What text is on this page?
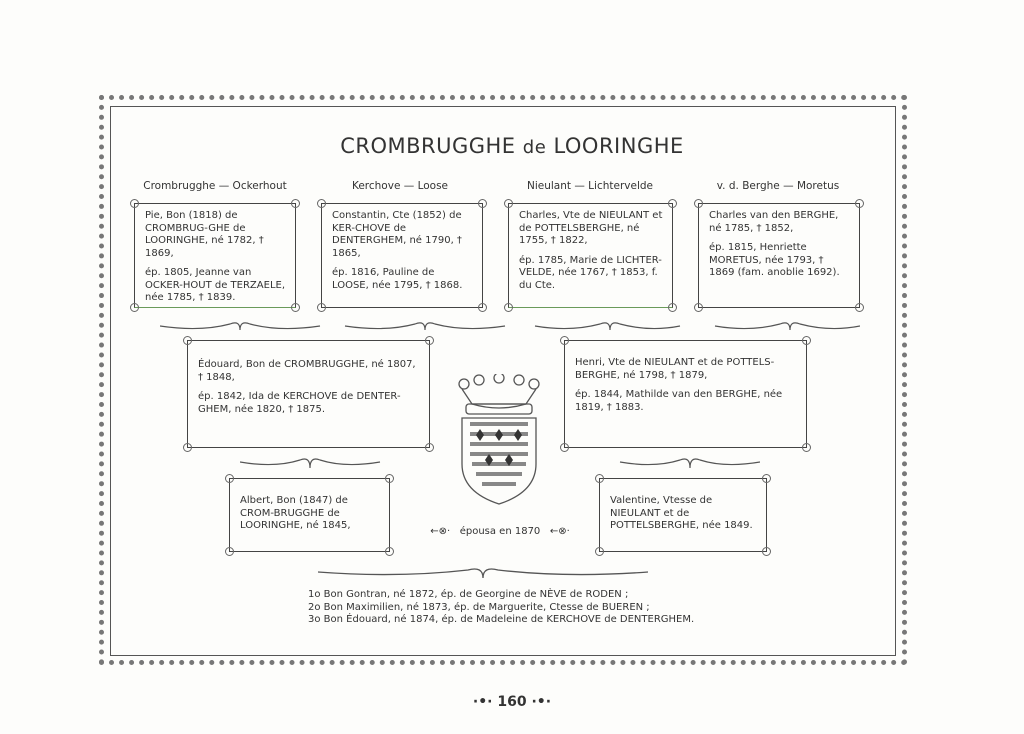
CROMBRUGGHE de LOORINGHE
Crombrugghe — Ockerhout	Kerchove — Loose	Nieulant — Lichtervelde	v. d. Berghe — Moretus

Pie, Bon (1818) de CROMBRUG-GHE de LOORINGHE, né 1782, † 1869,

ép. 1805, Jeanne van OCKER-HOUT de TERZAELE, née 1785, † 1839.

Constantin, Cte (1852) de KER-CHOVE de DENTERGHEM, né 1790, † 1865,

ép. 1816, Pauline de LOOSE, née 1795, † 1868.

Charles, Vte de NIEULANT et de POTTELSBERGHE, né 1755, † 1822,

ép. 1785, Marie de LICHTER-VELDE, née 1767, † 1853, f. du Cte.

Charles van den BERGHE, né 1785, † 1852,

ép. 1815, Henriette MORETUS, née 1793, † 1869 (fam. anoblie 1692).

Édouard, Bon de CROMBRUGGHE, né 1807, † 1848,

ép. 1842, Ida de KERCHOVE de DENTER-GHEM, née 1820, † 1875.

Henri, Vte de NIEULANT et de POTTELS-BERGHE, né 1798, † 1879,

ép. 1844, Mathilde van den BERGHE, née 1819, † 1883.

Albert, Bon (1847) de CROM-BRUGGHE de LOORINGHE, né 1845,

Valentine, Vtesse de NIEULANT et de POTTELSBERGHE, née 1849.

←⊗· épousa en 1870 ←⊗·
1o Bon Gontran, né 1872, ép. de Georgine de NÈVE de RODEN ;
2o Bon Maximilien, né 1873, ép. de Marguerite, Ctesse de BUEREN ;
3o Bon Édouard, né 1874, ép. de Madeleine de KERCHOVE de DENTERGHEM.
·•· 160 ·•·
